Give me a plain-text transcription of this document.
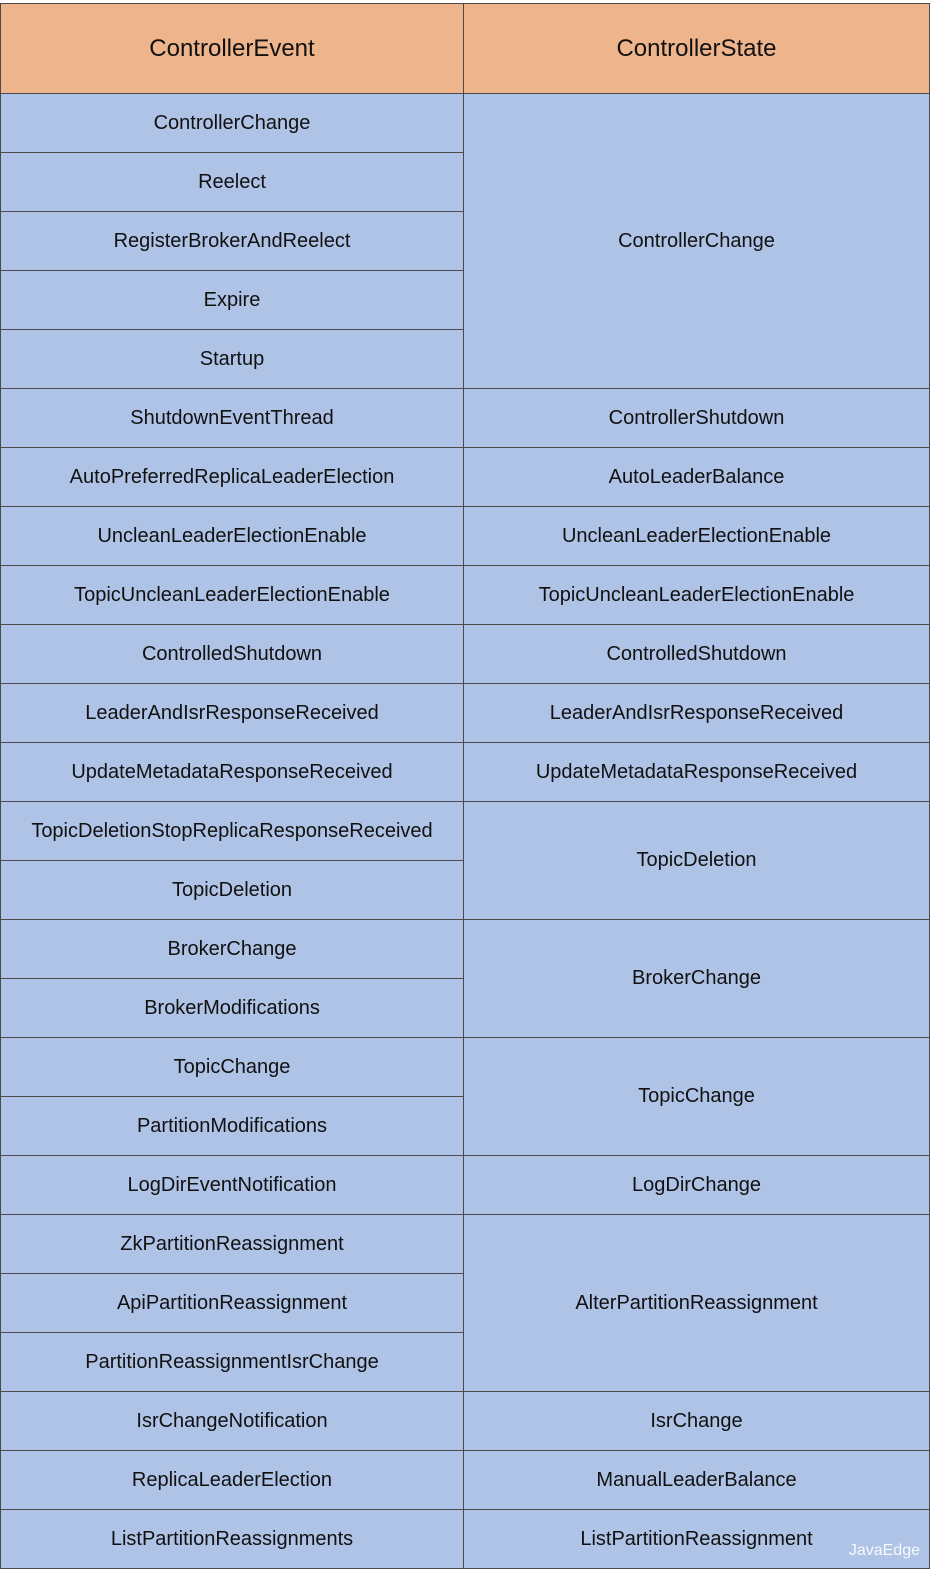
ControllerEvent	ControllerState
ControllerChange	ControllerChange
Reelect	
RegisterBrokerAndReelect	
Expire	
Startup	
ShutdownEventThread	ControllerShutdown
AutoPreferredReplicaLeaderElection	AutoLeaderBalance
UncleanLeaderElectionEnable	UncleanLeaderElectionEnable
TopicUncleanLeaderElectionEnable	TopicUncleanLeaderElectionEnable
ControlledShutdown	ControlledShutdown
LeaderAndIsrResponseReceived	LeaderAndIsrResponseReceived
UpdateMetadataResponseReceived	UpdateMetadataResponseReceived
TopicDeletionStopReplicaResponseReceived	TopicDeletion
TopicDeletion	
BrokerChange	BrokerChange
BrokerModifications	
TopicChange	TopicChange
PartitionModifications	
LogDirEventNotification	LogDirChange
ZkPartitionReassignment	AlterPartitionReassignment
ApiPartitionReassignment	
PartitionReassignmentIsrChange	
IsrChangeNotification	IsrChange
ReplicaLeaderElection	ManualLeaderBalance
ListPartitionReassignments	ListPartitionReassignment
JavaEdge
